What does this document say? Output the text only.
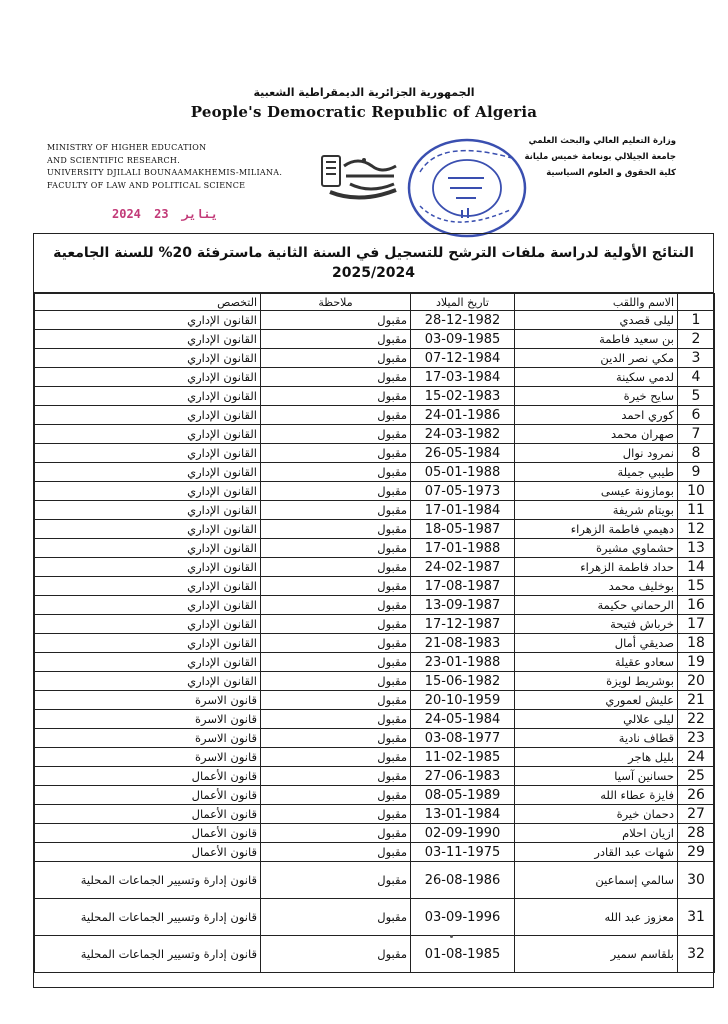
الجمهورية الجزائرية الديمقراطية الشعبية
People's Democratic Republic of Algeria
MINISTRY OF HIGHER EDUCATION
AND SCIENTIFIC RESEARCH.
UNIVERSITY DJILALI BOUNAAMAKHEMIS-MILIANA.
FACULTY OF LAW AND POLITICAL SCIENCE
وزارة التعليم العالي والبحث العلمي
جامعة الجيلالي بونعامة خميس مليانة
كلية الحقوق و العلوم السياسية
2024	يناير 23
النتائج الأولية لدراسة ملفات الترشح للتسجيل في السنة الثانية ماسترفئة 20% للسنة الجامعية
2025/2024
	الاسم واللقب	تاريخ الميلاد	ملاحظة	التخصص
1	ليلى قصدي	28-12-1982	مقبول	القانون الإداري
2	بن سعيد فاطمة	03-09-1985	مقبول	القانون الإداري
3	مكي نصر الدين	07-12-1984	مقبول	القانون الإداري
4	لدمي سكينة	17-03-1984	مقبول	القانون الإداري
5	سايح خيرة	15-02-1983	مقبول	القانون الإداري
6	كوري احمد	24-01-1986	مقبول	القانون الإداري
7	صهران محمد	24-03-1982	مقبول	القانون الإداري
8	نمرود نوال	26-05-1984	مقبول	القانون الإداري
9	طيبي جميلة	05-01-1988	مقبول	القانون الإداري
10	بومازونة عيسى	07-05-1973	مقبول	القانون الإداري
11	بويتام شريفة	17-01-1984	مقبول	القانون الإداري
12	دهيمي فاطمة الزهراء	18-05-1987	مقبول	القانون الإداري
13	حشماوي مشيرة	17-01-1988	مقبول	القانون الإداري
14	حداد فاطمة الزهراء	24-02-1987	مقبول	القانون الإداري
15	بوخليف محمد	17-08-1987	مقبول	القانون الإداري
16	الرحماني حكيمة	13-09-1987	مقبول	القانون الإداري
17	خرباش فتيحة	17-12-1987	مقبول	القانون الإداري
18	صديقي أمال	21-08-1983	مقبول	القانون الإداري
19	سعادو عقيلة	23-01-1988	مقبول	القانون الإداري
20	بوشريط لويزة	15-06-1982	مقبول	القانون الإداري
21	عليش لعموري	20-10-1959	مقبول	قانون الاسرة
22	ليلى علالي	24-05-1984	مقبول	قانون الاسرة
23	قطاف نادية	03-08-1977	مقبول	قانون الاسرة
24	بليل هاجر	11-02-1985	مقبول	قانون الاسرة
25	حسانين آسيا	27-06-1983	مقبول	قانون الأعمال
26	فايزة عطاء الله	08-05-1989	مقبول	قانون الأعمال
27	دحمان خيرة	13-01-1984	مقبول	قانون الأعمال
28	ازيان احلام	02-09-1990	مقبول	قانون الأعمال
29	شهات عبد القادر	03-11-1975	مقبول	قانون الأعمال
30	سالمي إسماعين	26-08-1986	مقبول	قانون إدارة وتسيير الجماعات المحلية
31	معزوز عبد الله	03-09-1996	مقبول	قانون إدارة وتسيير الجماعات المحلية
32	بلقاسم سمير	01-08-1985	مقبول	قانون إدارة وتسيير الجماعات المحلية
